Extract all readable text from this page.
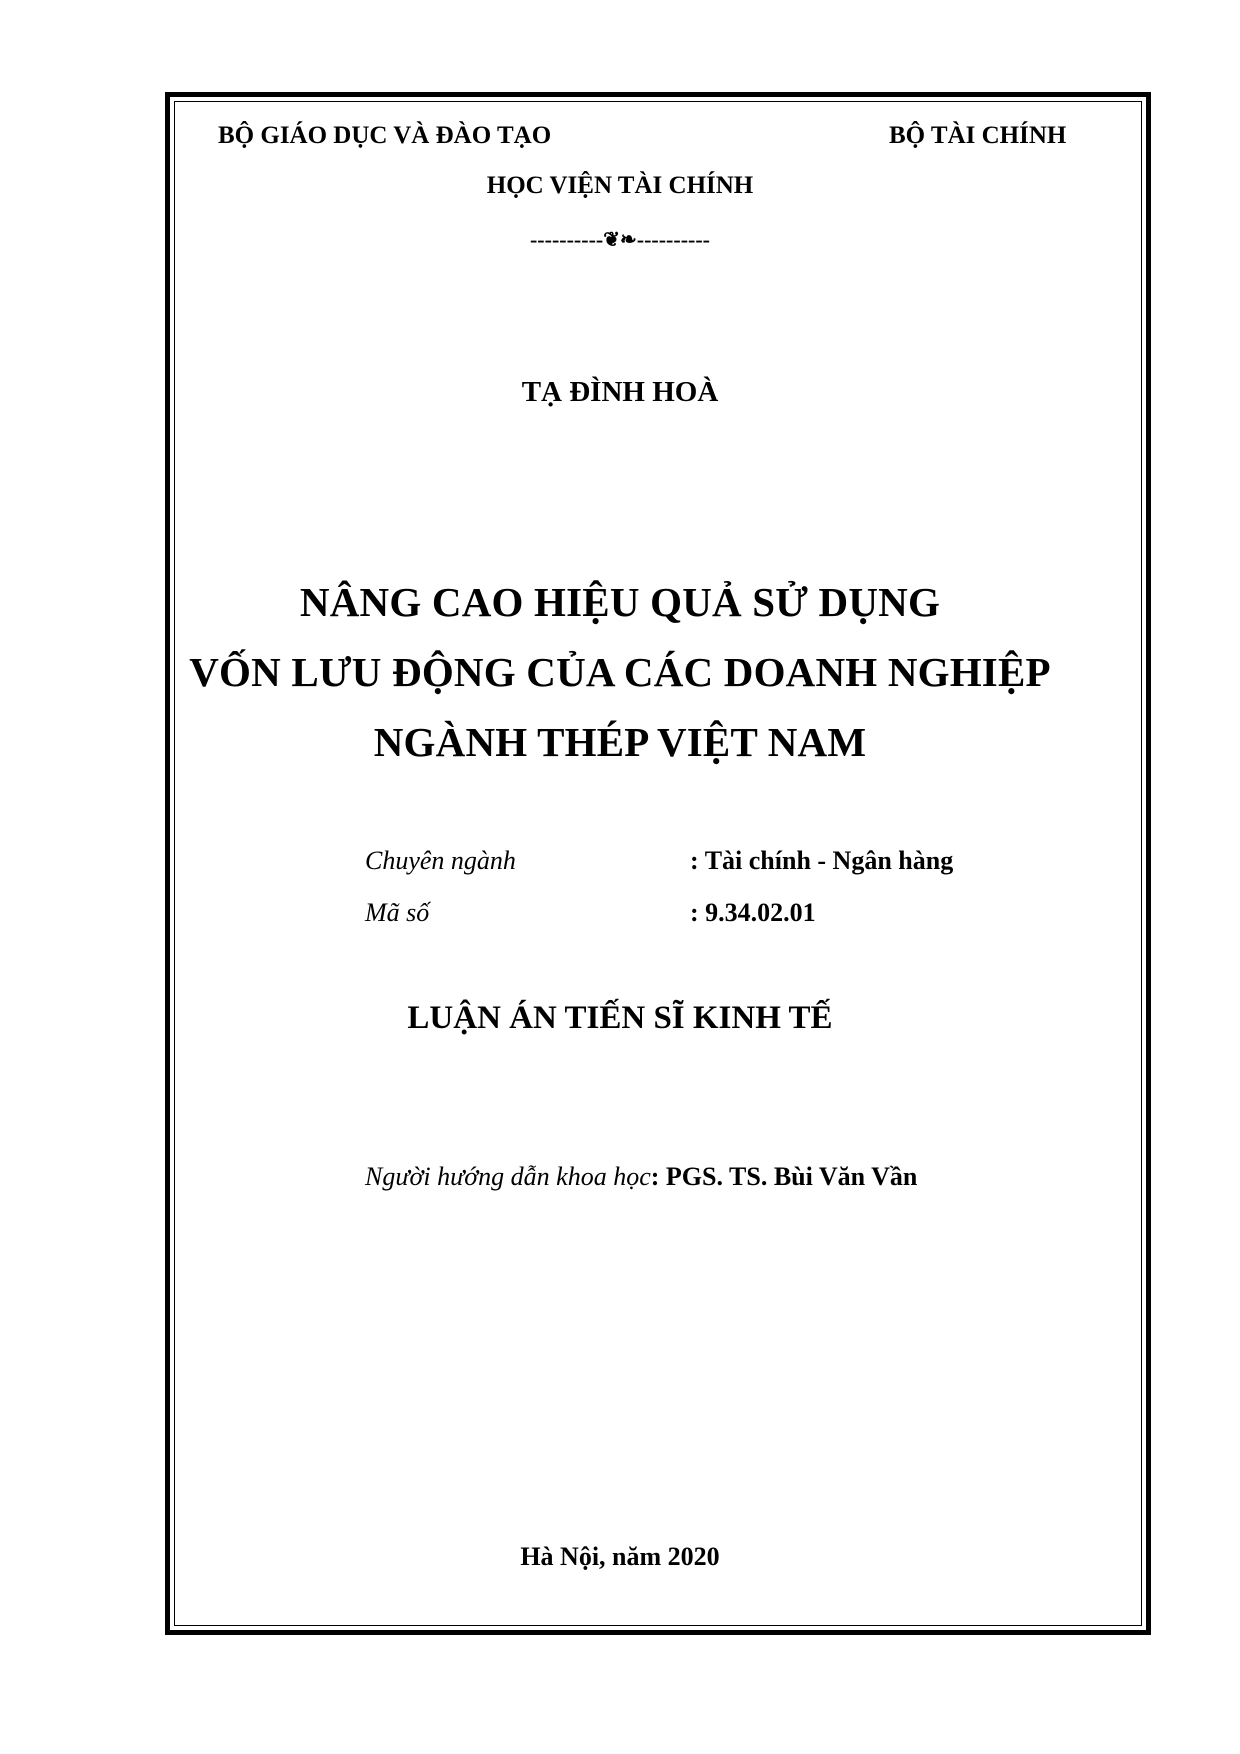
BỘ GIÁO DỤC VÀ ĐÀO TẠO	BỘ TÀI CHÍNH
HỌC VIỆN TÀI CHÍNH
----------❦❧----------
TẠ ĐÌNH HOÀ
NÂNG CAO HIỆU QUẢ SỬ DỤNG
VỐN LƯU ĐỘNG CỦA CÁC DOANH NGHIỆP
NGÀNH THÉP VIỆT NAM
Chuyên ngành	: Tài chính - Ngân hàng
Mã số	: 9.34.02.01
LUẬN ÁN TIẾN SĨ KINH TẾ
Người hướng dẫn khoa học: PGS. TS. Bùi Văn Vần
Hà Nội, năm 2020
